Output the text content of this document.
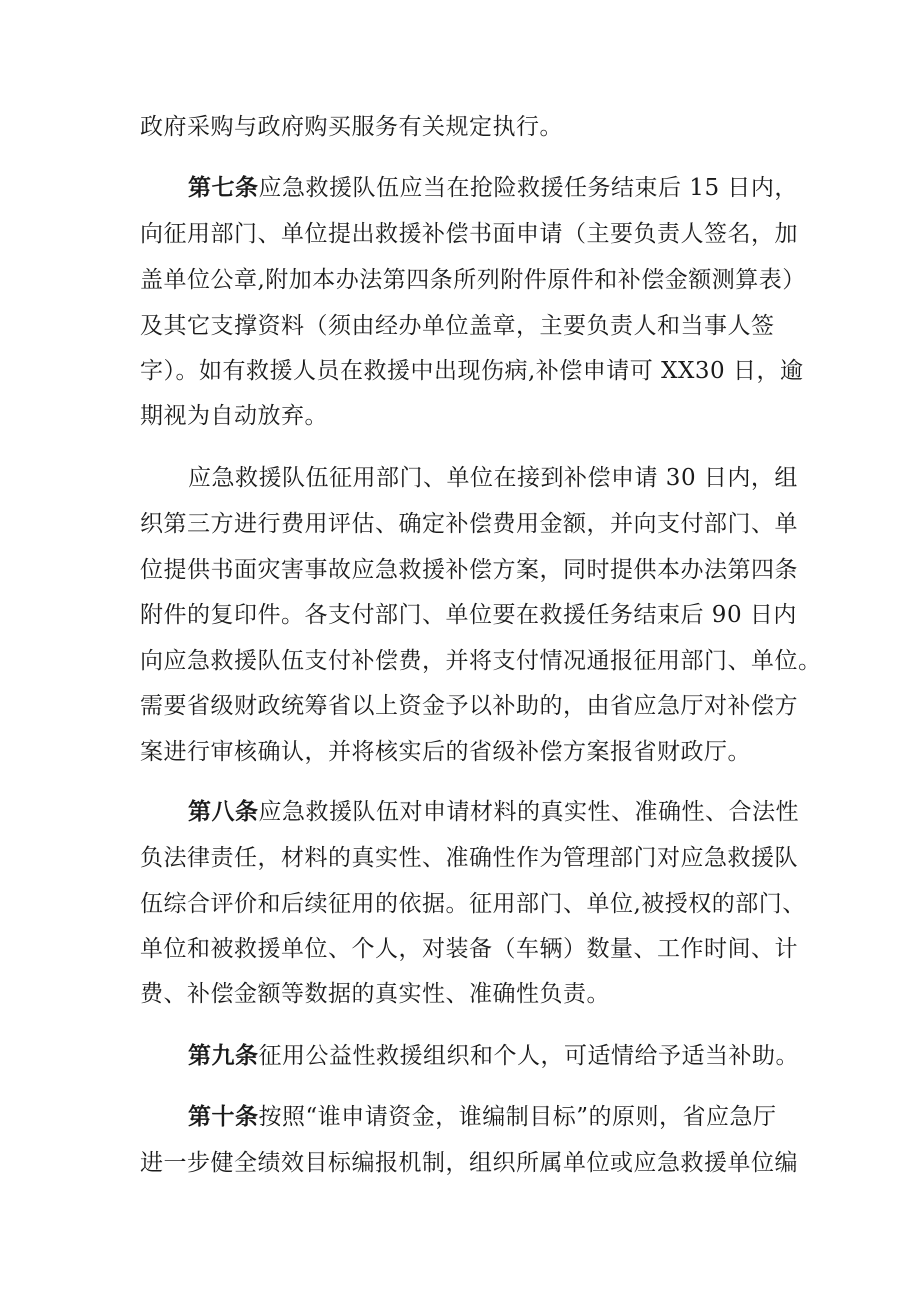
政府采购与政府购买服务有关规定执行。
第七条应急救援队伍应当在抢险救援任务结束后 15 日内，
向征用部门、单位提出救援补偿书面申请（主要负责人签名，加
盖单位公章,附加本办法第四条所列附件原件和补偿金额测算表）
及其它支撑资料（须由经办单位盖章，主要负责人和当事人签
字）。如有救援人员在救援中出现伤病,补偿申请可 XX30 日，逾
期视为自动放弃。
应急救援队伍征用部门、单位在接到补偿申请 30 日内，组
织第三方进行费用评估、确定补偿费用金额，并向支付部门、单
位提供书面灾害事故应急救援补偿方案，同时提供本办法第四条
附件的复印件。各支付部门、单位要在救援任务结束后 90 日内
向应急救援队伍支付补偿费，并将支付情况通报征用部门、单位。
需要省级财政统筹省以上资金予以补助的，由省应急厅对补偿方
案进行审核确认，并将核实后的省级补偿方案报省财政厅。
第八条应急救援队伍对申请材料的真实性、准确性、合法性
负法律责任，材料的真实性、准确性作为管理部门对应急救援队
伍综合评价和后续征用的依据。征用部门、单位,被授权的部门、
单位和被救援单位、个人，对装备（车辆）数量、工作时间、计
费、补偿金额等数据的真实性、准确性负责。
第九条征用公益性救援组织和个人，可适情给予适当补助。
第十条按照“谁申请资金，谁编制目标”的原则，省应急厅
进一步健全绩效目标编报机制，组织所属单位或应急救援单位编
